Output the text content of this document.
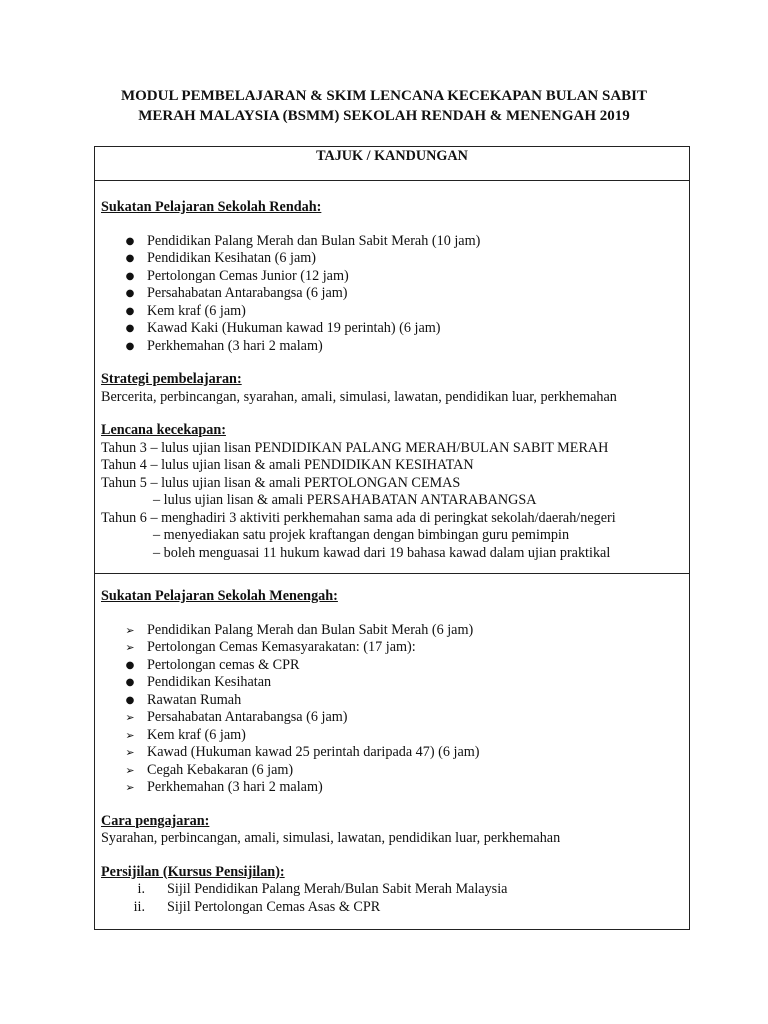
MODUL PEMBELAJARAN & SKIM LENCANA KECEKAPAN BULAN SABIT
MERAH MALAYSIA (BSMM) SEKOLAH RENDAH & MENENGAH 2019
TAJUK / KANDUNGAN
Sukatan Pelajaran Sekolah Rendah:
● Pendidikan Palang Merah dan Bulan Sabit Merah (10 jam)
● Pendidikan Kesihatan (6 jam)
● Pertolongan Cemas Junior (12 jam)
● Persahabatan Antarabangsa (6 jam)
● Kem kraf (6 jam)
● Kawad Kaki (Hukuman kawad 19 perintah) (6 jam)
● Perkhemahan (3 hari 2 malam)
Strategi pembelajaran:
Bercerita, perbincangan, syarahan, amali, simulasi, lawatan, pendidikan luar, perkhemahan
Lencana kecekapan:
Tahun 3 – lulus ujian lisan PENDIDIKAN PALANG MERAH/BULAN SABIT MERAH
Tahun 4 – lulus ujian lisan & amali PENDIDIKAN KESIHATAN
Tahun 5 – lulus ujian lisan & amali PERTOLONGAN CEMAS
– lulus ujian lisan & amali PERSAHABATAN ANTARABANGSA
Tahun 6 – menghadiri 3 aktiviti perkhemahan sama ada di peringkat sekolah/daerah/negeri
– menyediakan satu projek kraftangan dengan bimbingan guru pemimpin
– boleh menguasai 11 hukum kawad dari 19 bahasa kawad dalam ujian praktikal
Sukatan Pelajaran Sekolah Menengah:
➢ Pendidikan Palang Merah dan Bulan Sabit Merah (6 jam)
➢ Pertolongan Cemas Kemasyarakatan: (17 jam):
● Pertolongan cemas & CPR
● Pendidikan Kesihatan
● Rawatan Rumah
➢ Persahabatan Antarabangsa (6 jam)
➢ Kem kraf (6 jam)
➢ Kawad (Hukuman kawad 25 perintah daripada 47) (6 jam)
➢ Cegah Kebakaran (6 jam)
➢ Perkhemahan (3 hari 2 malam)
Cara pengajaran:
Syarahan, perbincangan, amali, simulasi, lawatan, pendidikan luar, perkhemahan
Persijilan (Kursus Pensijilan):
i. Sijil Pendidikan Palang Merah/Bulan Sabit Merah Malaysia
ii. Sijil Pertolongan Cemas Asas & CPR
